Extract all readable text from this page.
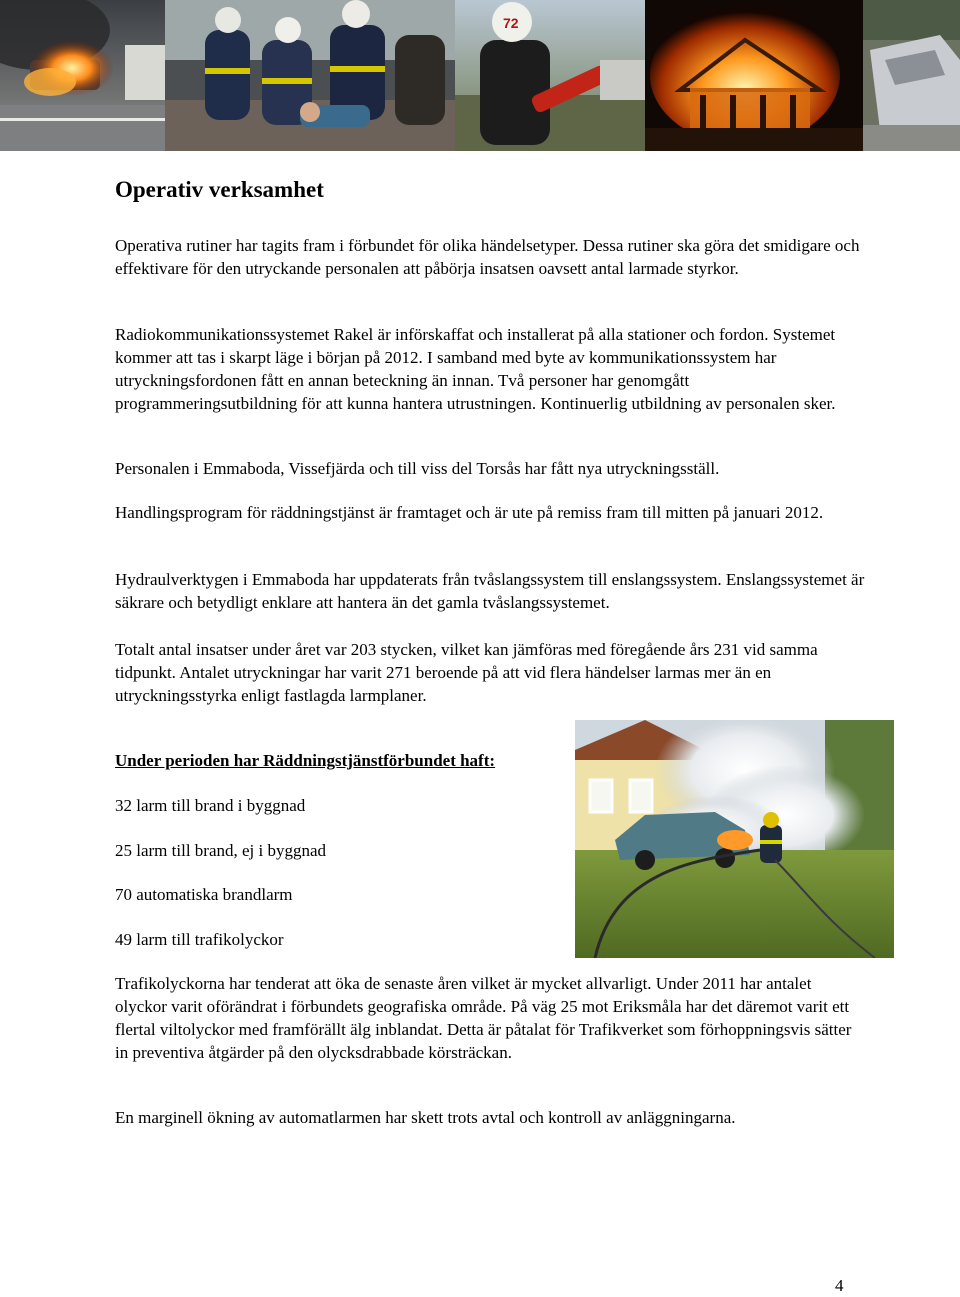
72
Operativ verksamhet

Operativa rutiner har tagits fram i förbundet för olika händelsetyper. Dessa rutiner ska göra det smidigare och effektivare för den utryckande personalen att påbörja insatsen oavsett antal larmade styrkor.

Radiokommunikationssystemet Rakel är införskaffat och installerat på alla stationer och fordon. Systemet kommer att tas i skarpt läge i början på 2012. I samband med byte av kommunikationssystem har utryckningsfordonen fått en annan beteckning än innan. Två personer har genomgått programmeringsutbildning för att kunna hantera utrustningen. Kontinuerlig utbildning av personalen sker.

Personalen i Emmaboda, Vissefjärda och till viss del Torsås har fått nya utryckningsställ.

Handlingsprogram för räddningstjänst är framtaget och är ute på remiss fram till mitten på januari 2012.

Hydraulverktygen i Emmaboda har uppdaterats från tvåslangssystem till enslangssystem. Enslangssystemet är säkrare och betydligt enklare att hantera än det gamla tvåslangssystemet.

Totalt antal insatser under året var 203 stycken, vilket kan jämföras med föregående års 231 vid samma tidpunkt. Antalet utryckningar har varit 271 beroende på att vid flera händelser larmas mer än en utryckningsstyrka enligt fastlagda larmplaner.

Under perioden har Räddningstjänstförbundet haft:

32 larm till brand i byggnad

25 larm till brand, ej i byggnad

70 automatiska brandlarm

49 larm till trafikolyckor

Trafikolyckorna har tenderat att öka de senaste åren vilket är mycket allvarligt. Under 2011 har antalet olyckor varit oförändrat i förbundets geografiska område. På väg 25 mot Eriksmåla har det däremot varit ett flertal viltolyckor med framförällt älg inblandat. Detta är påtalat för Trafikverket som förhoppningsvis sätter in preventiva åtgärder på den olycksdrabbade körsträckan.

En marginell ökning av automatlarmen har skett trots avtal och kontroll av anläggningarna.

4
